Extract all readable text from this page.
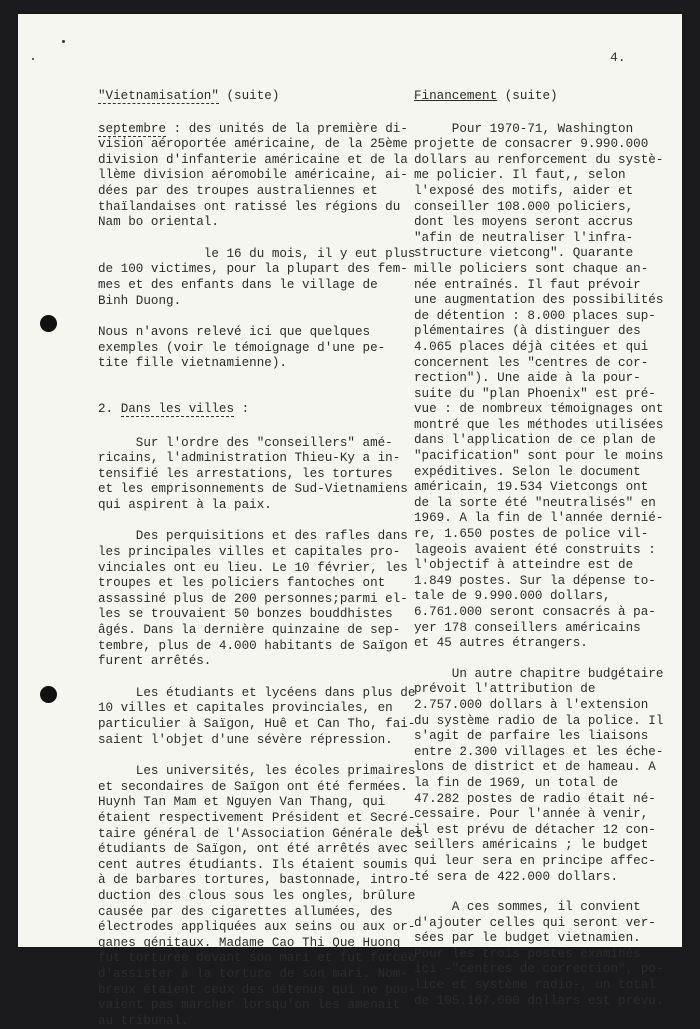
4.
"Vietnamisation" (suite)

septembre : des unités de la première di-

vision aéroportée américaine, de la 25ème

division d'infanterie américaine et de la

llème division aéromobile américaine, ai-

dées par des troupes australiennes et

thaïlandaises ont ratissé les régions du

Nam bo oriental.

le 16 du mois, il y eut plus

de 100 victimes, pour la plupart des fem-

mes et des enfants dans le village de

Binh Duong.

Nous n'avons relevé ici que quelques

exemples (voir le témoignage d'une pe-

tite fille vietnamienne).

2. Dans les villes :

Sur l'ordre des "conseillers" amé-

ricains, l'administration Thieu-Ky a in-

tensifié les arrestations, les tortures

et les emprisonnements de Sud-Vietnamiens

qui aspirent à la paix.

Des perquisitions et des rafles dans

les principales villes et capitales pro-

vinciales ont eu lieu. Le 10 février, les

troupes et les policiers fantoches ont

assassiné plus de 200 personnes;parmi el-

les se trouvaient 50 bonzes bouddhistes

âgés. Dans la dernière quinzaine de sep-

tembre, plus de 4.000 habitants de Saïgon

furent arrêtés.

Les étudiants et lycéens dans plus de

10 villes et capitales provinciales, en

particulier à Saïgon, Huê et Can Tho, fai-

saient l'objet d'une sévère répression.

Les universités, les écoles primaires

et secondaires de Saïgon ont été fermées.

Huynh Tan Mam et Nguyen Van Thang, qui

étaient respectivement Président et Secré-

taire général de l'Association Générale des

étudiants de Saïgon, ont été arrêtés avec

cent autres étudiants. Ils étaient soumis

à de barbares tortures, bastonnade, intro-

duction des clous sous les ongles, brûlure

causée par des cigarettes allumées, des

électrodes appliquées aux seins ou aux or-

ganes génitaux. Madame Cao Thi Que Huong

fut torturée devant son mari et fut forcée

d'assister à la torture de son mari. Nom-

breux étaient ceux des détenus qui ne pou-

vaient pas marcher lorsqu'on les amenait

au tribunal.

Financement (suite)

Pour 1970-71, Washington

projette de consacrer 9.990.000

dollars au renforcement du systè-

me policier. Il faut,, selon

l'exposé des motifs, aider et

conseiller 108.000 policiers,

dont les moyens seront accrus

"afin de neutraliser l'infra-

structure vietcong". Quarante

mille policiers sont chaque an-

née entraînés. Il faut prévoir

une augmentation des possibilités

de détention : 8.000 places sup-

plémentaires (à distinguer des

4.065 places déjà citées et qui

concernent les "centres de cor-

rection"). Une aide à la pour-

suite du "plan Phoenix" est pré-

vue : de nombreux témoignages ont

montré que les méthodes utilisées

dans l'application de ce plan de

"pacification" sont pour le moins

expéditives. Selon le document

américain, 19.534 Vietcongs ont

de la sorte été "neutralisés" en

1969. A la fin de l'année dernié-

re, 1.650 postes de police vil-

lageois avaient été construits :

l'objectif à atteindre est de

1.849 postes. Sur la dépense to-

tale de 9.990.000 dollars,

6.761.000 seront consacrés à pa-

yer 178 conseillers américains

et 45 autres étrangers.

Un autre chapitre budgétaire

prévoit l'attribution de

2.757.000 dollars à l'extension

du système radio de la police. Il

s'agit de parfaire les liaisons

entre 2.300 villages et les éche-

lons de district et de hameau. A

la fin de 1969, un total de

47.282 postes de radio était né-

cessaire. Pour l'année à venir,

il est prévu de détacher 12 con-

seillers américains ; le budget

qui leur sera en principe affec-

té sera de 422.000 dollars.

A ces sommes, il convient

d'ajouter celles qui seront ver-

sées par le budget vietnamien.

Pour les trois postes examinés

ici -"centres de correction", po-

lice et système radio-, un total

de 105.167.600 dollars est prévu.
